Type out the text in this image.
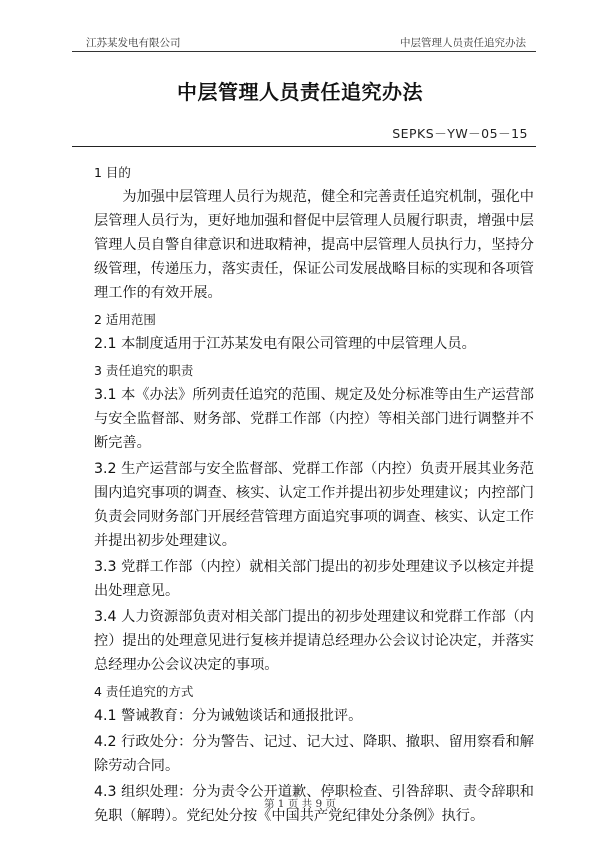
江苏某发电有限公司	中层管理人员责任追究办法
中层管理人员责任追究办法
SEPKS－YW－05－15

1 目的

为加强中层管理人员行为规范，健全和完善责任追究机制，强化中层管理人员行为，更好地加强和督促中层管理人员履行职责，增强中层管理人员自警自律意识和进取精神，提高中层管理人员执行力，坚持分级管理，传递压力，落实责任，保证公司发展战略目标的实现和各项管理工作的有效开展。

2 适用范围

2.1 本制度适用于江苏某发电有限公司管理的中层管理人员。

3 责任追究的职责

3.1 本《办法》所列责任追究的范围、规定及处分标准等由生产运营部与安全监督部、财务部、党群工作部（内控）等相关部门进行调整并不断完善。

3.2 生产运营部与安全监督部、党群工作部（内控）负责开展其业务范围内追究事项的调查、核实、认定工作并提出初步处理建议；内控部门负责会同财务部门开展经营管理方面追究事项的调查、核实、认定工作并提出初步处理建议。

3.3 党群工作部（内控）就相关部门提出的初步处理建议予以核定并提出处理意见。

3.4 人力资源部负责对相关部门提出的初步处理建议和党群工作部（内控）提出的处理意见进行复核并提请总经理办公会议讨论决定，并落实总经理办公会议决定的事项。

4 责任追究的方式

4.1 警诫教育：分为诫勉谈话和通报批评。

4.2 行政处分：分为警告、记过、记大过、降职、撤职、留用察看和解除劳动合同。

4.3 组织处理：分为责令公开道歉、停职检查、引咎辞职、责令辞职和免职（解聘）。党纪处分按《中国共产党纪律处分条例》执行。

第 1 页 共 9 页
